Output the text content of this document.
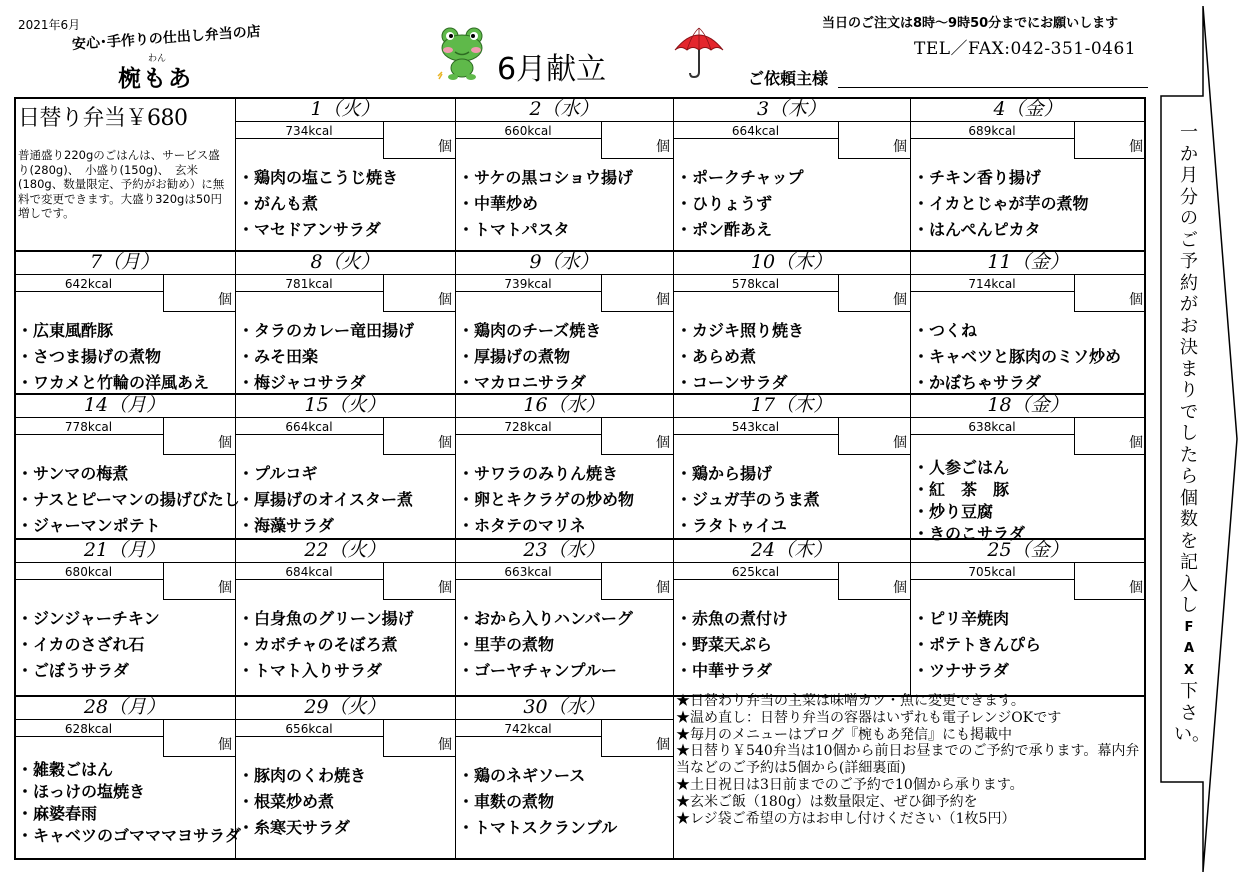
2021年6月
安心･手作りの仕出し弁当の店
わん
椀もあ	6月献立
当日のご注文は8時～9時50分までにお願いします
TEL／FAX:042-351-0461
ご依頼主様
1（火）
734kcal
個
・鶏肉の塩こうじ焼き
・がんも煮
・マセドアンサラダ
2（水）
660kcal
個
・サケの黒コショウ揚げ
・中華炒め
・トマトパスタ
3（木）
664kcal
個
・ポークチャップ
・ひりょうず
・ポン酢あえ
4（金）
689kcal
個
・チキン香り揚げ
・イカとじゃが芋の煮物
・はんぺんピカタ
7（月）
642kcal
個
・広東風酢豚
・さつま揚げの煮物
・ワカメと竹輪の洋風あえ
8（火）
781kcal
個
・タラのカレー竜田揚げ
・みそ田楽
・梅ジャコサラダ
9（水）
739kcal
個
・鶏肉のチーズ焼き
・厚揚げの煮物
・マカロニサラダ
10（木）
578kcal
個
・カジキ照り焼き
・あらめ煮
・コーンサラダ
11（金）
714kcal
個
・つくね
・キャベツと豚肉のミソ炒め
・かぼちゃサラダ
14（月）
778kcal
個
・サンマの梅煮
・ナスとピーマンの揚げびたし
・ジャーマンポテト
15（火）
664kcal
個
・プルコギ
・厚揚げのオイスター煮
・海藻サラダ
16（水）
728kcal
個
・サワラのみりん焼き
・卵とキクラゲの炒め物
・ホタテのマリネ
17（木）
543kcal
個
・鶏から揚げ
・ジュガ芋のうま煮
・ラタトゥイユ
18（金）
638kcal
個
・人参ごはん
・紅　茶　豚
・炒り豆腐
・きのこサラダ
21（月）
680kcal
個
・ジンジャーチキン
・イカのさざれ石
・ごぼうサラダ
22（火）
684kcal
個
・白身魚のグリーン揚げ
・カボチャのそぼろ煮
・トマト入りサラダ
23（水）
663kcal
個
・おから入りハンバーグ
・里芋の煮物
・ゴーヤチャンプルー
24（木）
625kcal
個
・赤魚の煮付け
・野菜天ぷら
・中華サラダ
25（金）
705kcal
個
・ピリ辛焼肉
・ポテトきんぴら
・ツナサラダ
28（月）
628kcal
個
・雑穀ごはん
・ほっけの塩焼き
・麻婆春雨
・キャベツのゴマママヨサラダ
29（火）
656kcal
個
・豚肉のくわ焼き
・根菜炒め煮
・糸寒天サラダ
30（水）
742kcal
個
・鶏のネギソース
・車麩の煮物
・トマトスクランブル
日替り弁当￥680
普通盛り220gのごはんは、サービス盛り(280g)、　小盛り(150g)、　玄米(180g、数量限定、予約がお勧め）に無料で変更できます。大盛り320gは50円増しです。
★日替わり弁当の主菜は味噌カツ・魚に変更できます。
★温め直し：日替り弁当の容器はいずれも電子レンジOKです
★毎月のメニューはブログ『椀もあ発信』にも掲載中
★日替り￥540弁当は10個から前日お昼までのご予約で承ります。幕内弁当などのご予約は5個から(詳細裏面)
★土日祝日は3日前までのご予約で10個から承ります。
★玄米ご飯（180g）は数量限定、ぜひ御予約を
★レジ袋ご希望の方はお申し付けください（1枚5円）
一
か
月
分
の
ご
予
約
が
お
決
ま
り
で
し
た
ら
個
数
を
記
入
し
F
A
X
下
さ
い。
